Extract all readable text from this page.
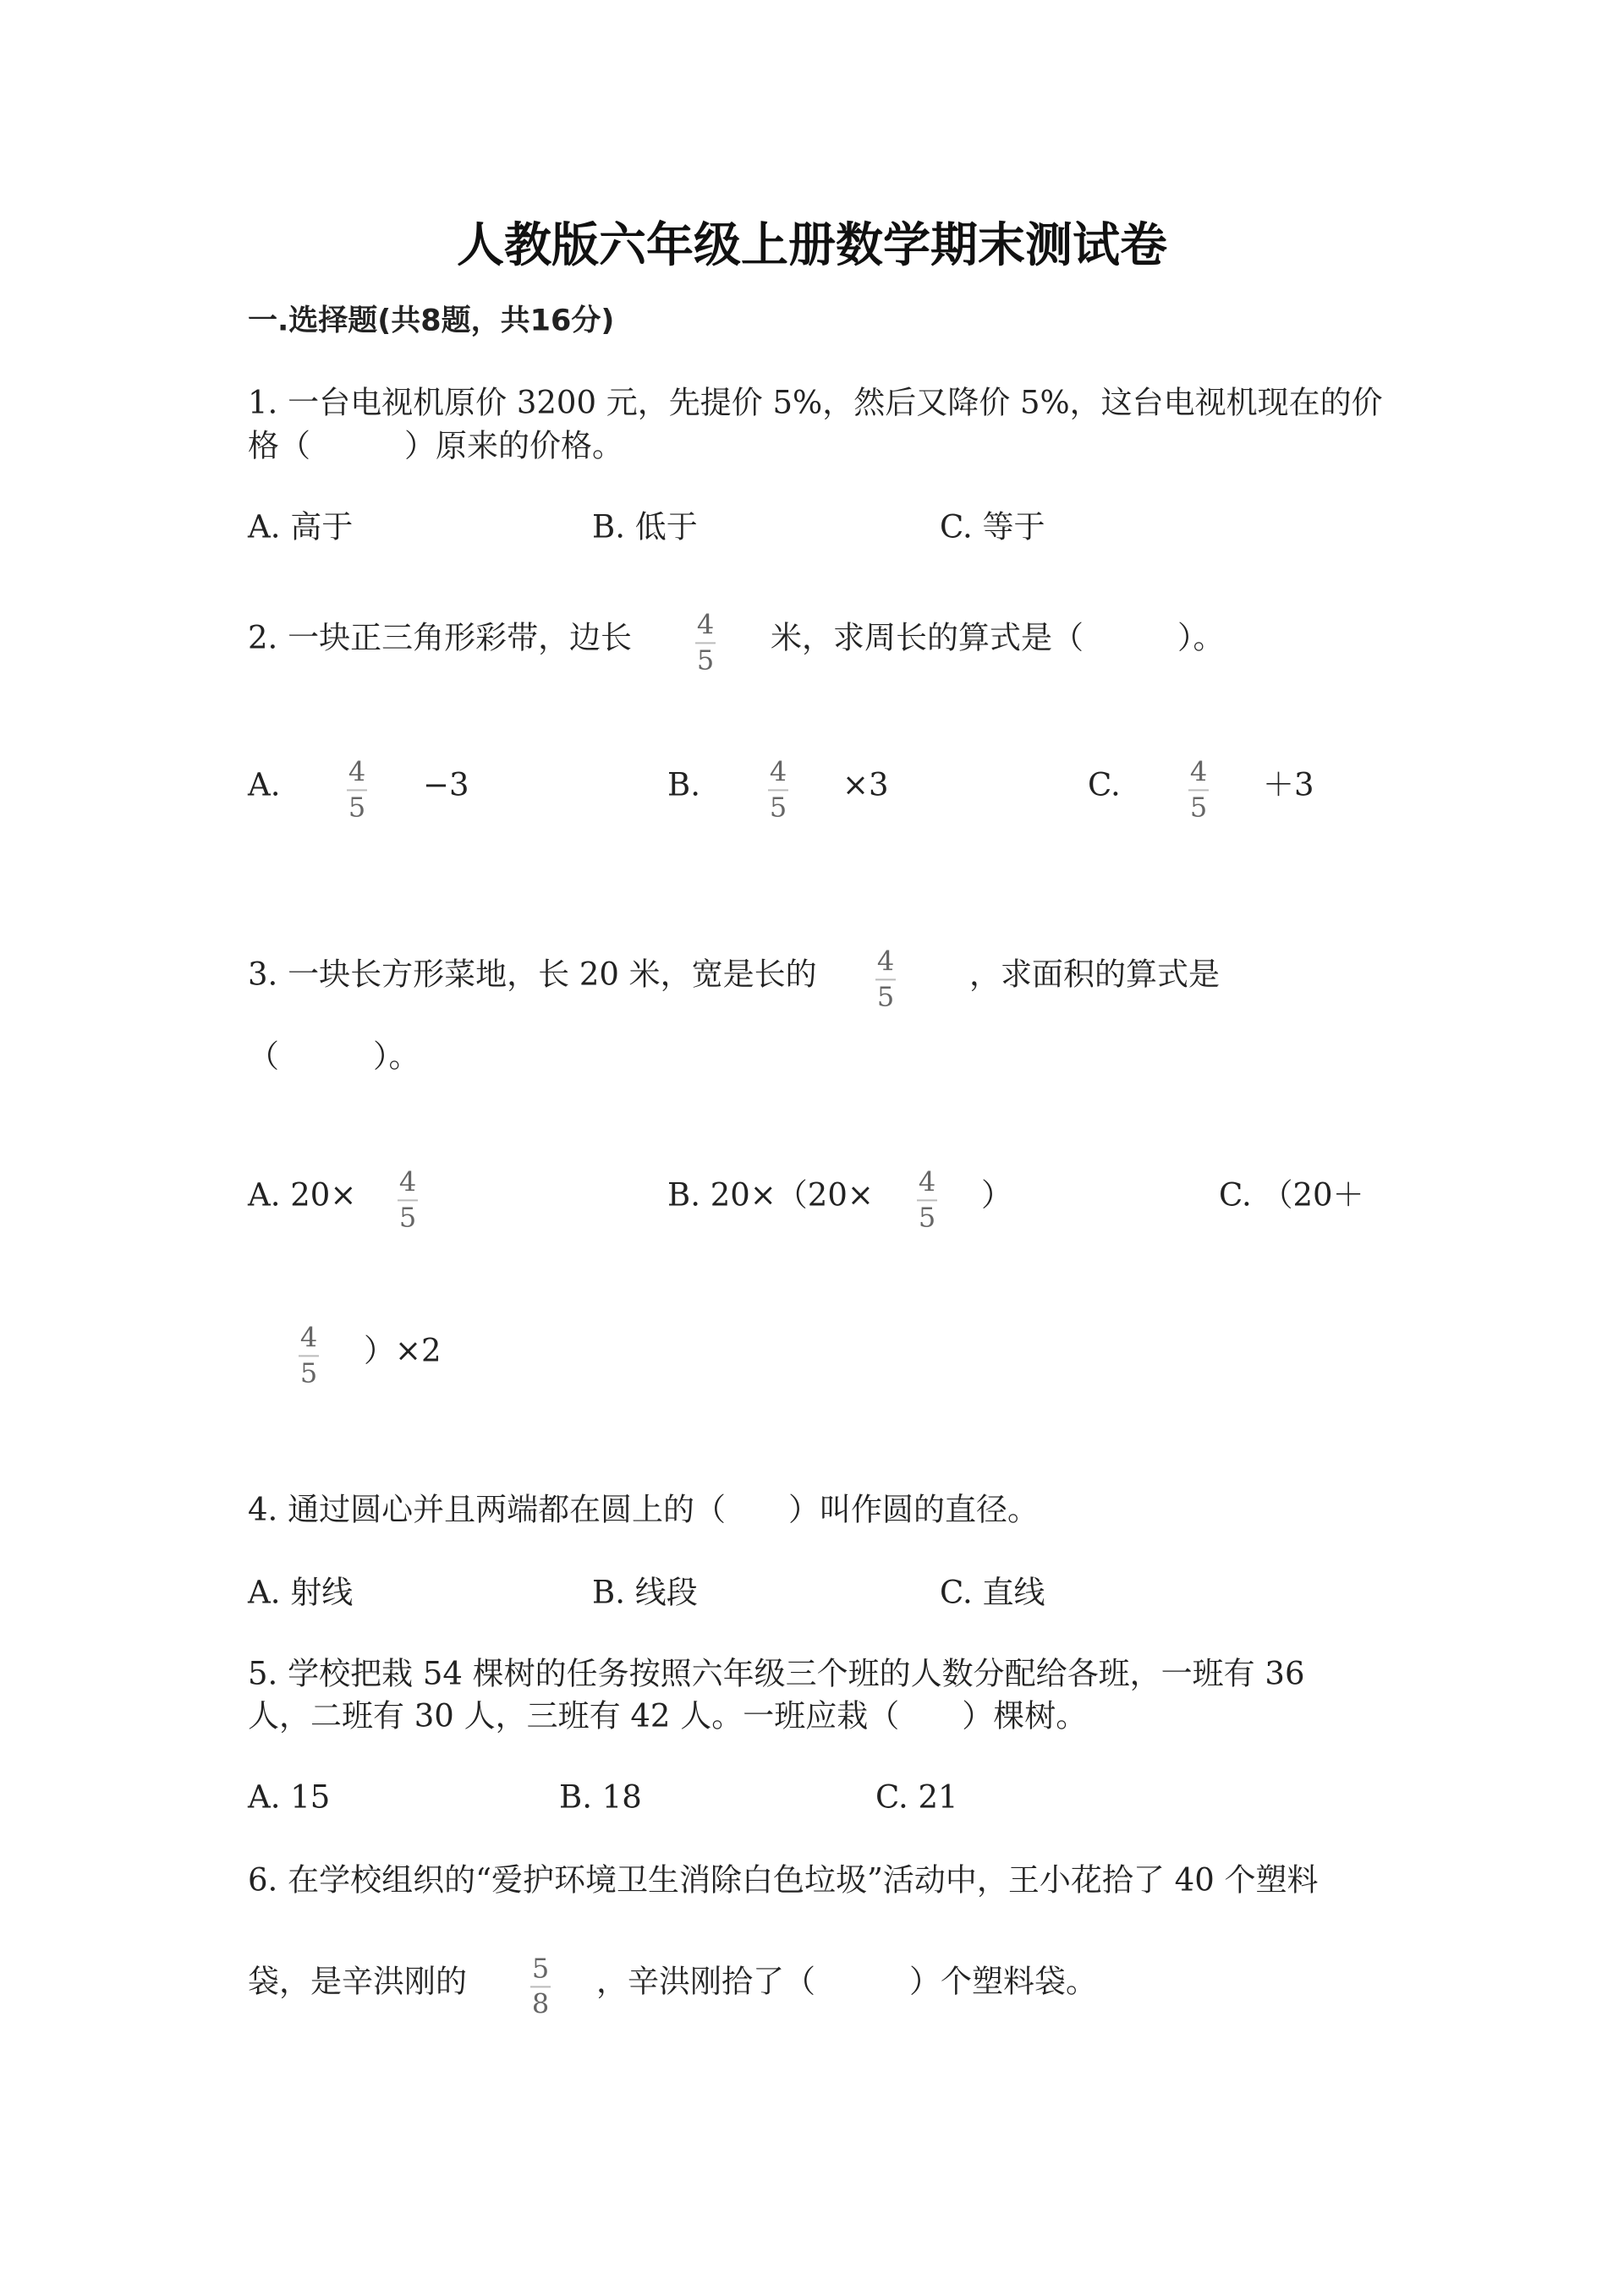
人教版六年级上册数学期末测试卷
一.选择题(共8题，共16分)
1. 一台电视机原价 3200 元，先提价 5%，然后又降价 5%，这台电视机现在的价
格（　　　）原来的价格。
A. 高于	B. 低于	C. 等于
2. 一块正三角形彩带，边长 4
5
米，求周长的算式是（　　　）。
A.	4
5
−3	B.	4
5
×3	C.	4
5
＋3
3. 一块长方形菜地，长 20 米，宽是长的 4
5
，求面积的算式是
（　　　）。
A. 20× 4
5
B. 20×（20× 4
5
）	C. （20＋
4
5
）×2
4. 通过圆心并且两端都在圆上的（　　）叫作圆的直径。
A. 射线	B. 线段	C. 直线
5. 学校把栽 54 棵树的任务按照六年级三个班的人数分配给各班，一班有 36
人，二班有 30 人，三班有 42 人。一班应栽（　　）棵树。
A. 15	B. 18	C. 21
6. 在学校组织的“爱护环境卫生消除白色垃圾”活动中，王小花拾了 40 个塑料
袋，是辛洪刚的 5
8
，辛洪刚拾了（　　　）个塑料袋。
